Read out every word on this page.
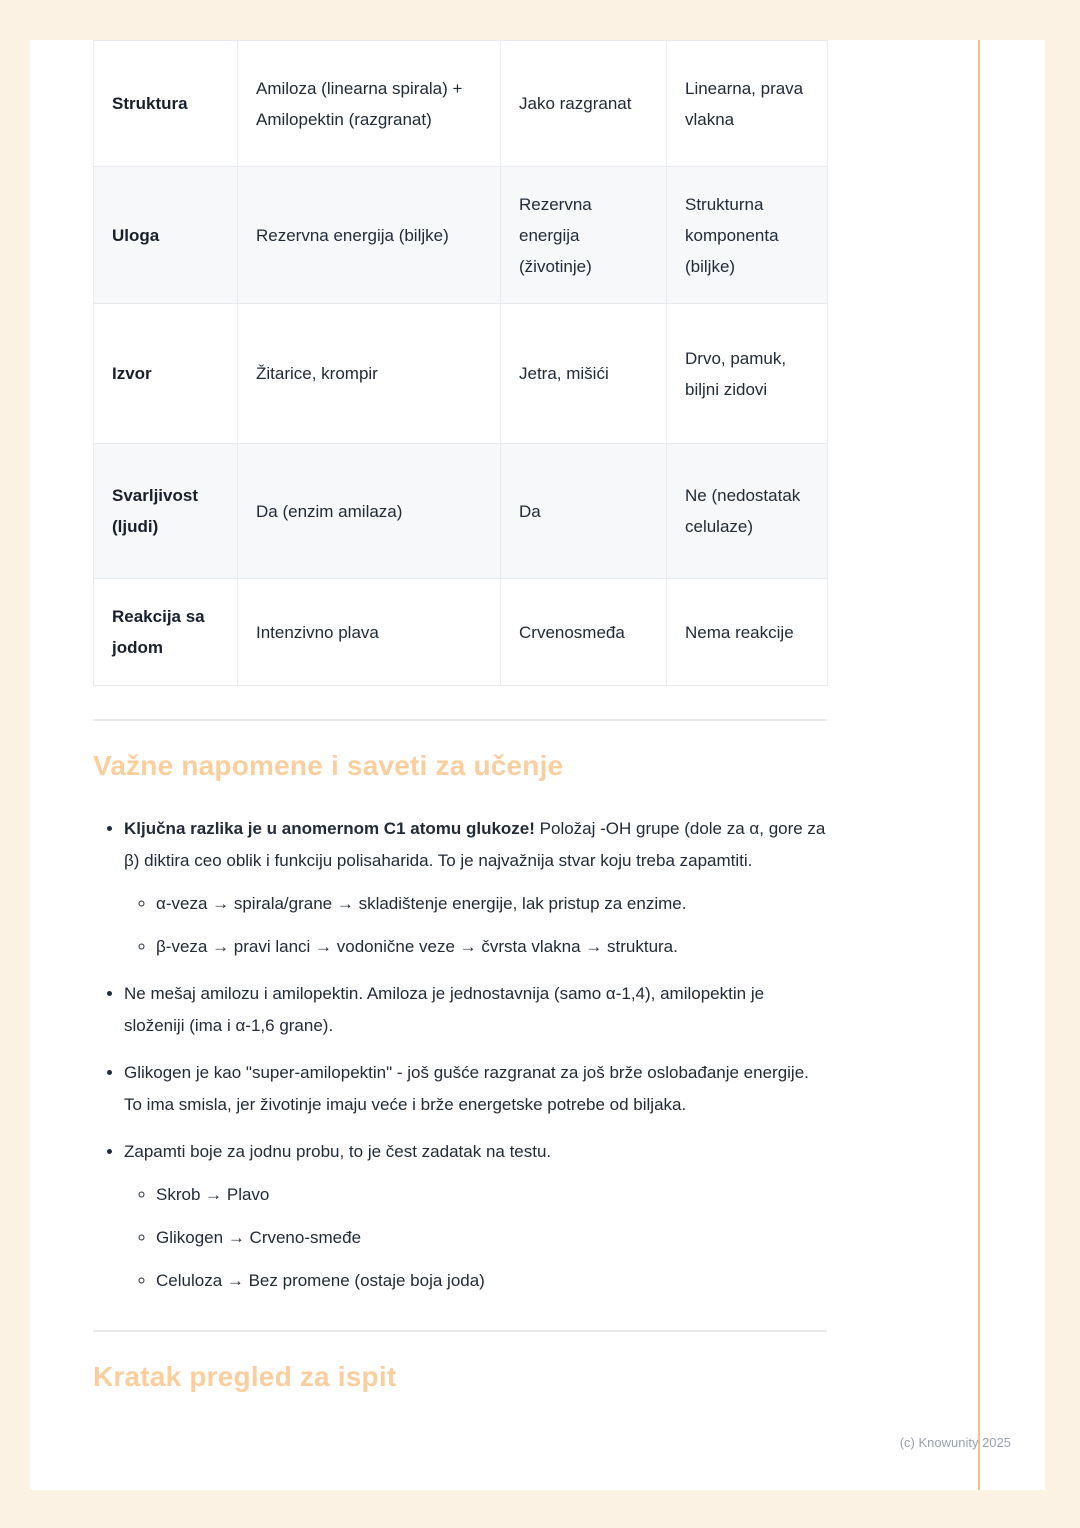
Struktura	Amiloza (linearna spirala) + Amilopektin (razgranat)	Jako razgranat	Linearna, prava vlakna
Uloga	Rezervna energija (biljke)	Rezervna energija (životinje)	Strukturna komponenta (biljke)
Izvor	Žitarice, krompir	Jetra, mišići	Drvo, pamuk, biljni zidovi
Svarljivost (ljudi)	Da (enzim amilaza)	Da	Ne (nedostatak celulaze)
Reakcija sa jodom	Intenzivno plava	Crvenosmeđa	Nema reakcije
Važne napomene i saveti za učenje
• Ključna razlika je u anomernom C1 atomu glukoze! Položaj -OH grupe (dole za α, gore za β) diktira ceo oblik i funkciju polisaharida. To je najvažnija stvar koju treba zapamtiti.
◦ α-veza → spirala/grane → skladištenje energije, lak pristup za enzime.
◦ β-veza → pravi lanci → vodonične veze → čvrsta vlakna → struktura.
• Ne mešaj amilozu i amilopektin. Amiloza je jednostavnija (samo α-1,4), amilopektin je složeniji (ima i α-1,6 grane).
• Glikogen je kao "super-amilopektin" - još gušće razgranat za još brže oslobađanje energije. To ima smisla, jer životinje imaju veće i brže energetske potrebe od biljaka.
• Zapamti boje za jodnu probu, to je čest zadatak na testu.
◦ Skrob → Plavo
◦ Glikogen → Crveno-smeđe
◦ Celuloza → Bez promene (ostaje boja joda)
Kratak pregled za ispit
(c) Knowunity 2025
